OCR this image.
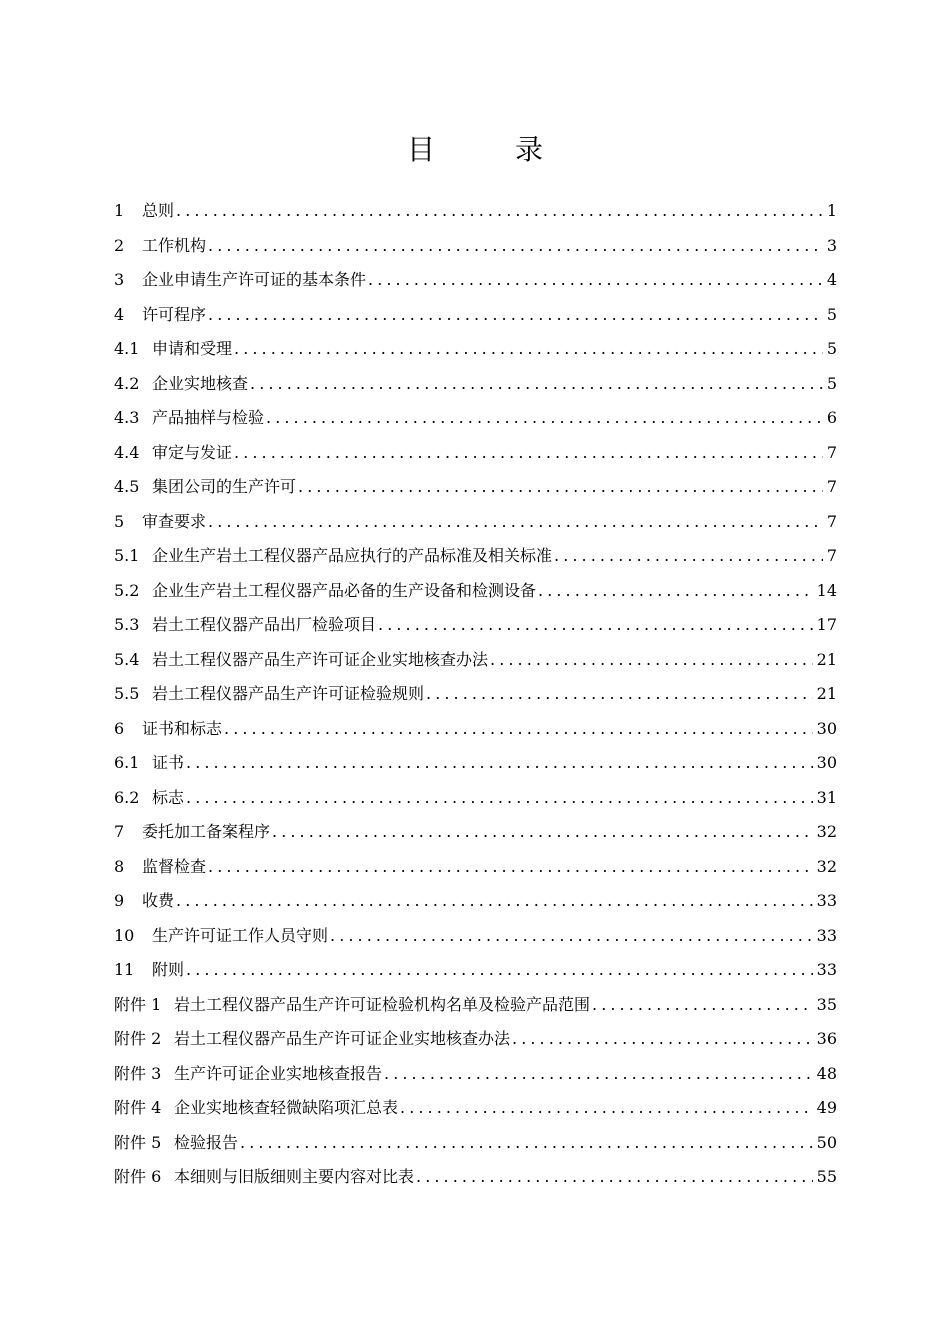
目　录
1	总则 . . .	1
2	工作机构 . . .	3
3	企业申请生产许可证的基本条件 . . .	4
4	许可程序 . . .	5
4.1 申请和受理 . . .	5
4.2 企业实地核查 . . .	5
4.3 产品抽样与检验 . . .	6
4.4 审定与发证 . . .	7
4.5 集团公司的生产许可 . . .	7
5	审查要求 . . .	7
5.1 企业生产岩土工程仪器产品应执行的产品标准及相关标准 . . .	7
5.2 企业生产岩土工程仪器产品必备的生产设备和检测设备 . . .	14
5.3 岩土工程仪器产品出厂检验项目 . . .	17
5.4 岩土工程仪器产品生产许可证企业实地核查办法 . . .	21
5.5 岩土工程仪器产品生产许可证检验规则 . . .	21
6	证书和标志 . . .	30
6.1 证书 . . .	30
6.2 标志 . . .	31
7	委托加工备案程序 . . .	32
8	监督检查 . . .	32
9	收费 . . .	33
10	生产许可证工作人员守则 . . .	33
11	附则 . . .	33
附件 1 岩土工程仪器产品生产许可证检验机构名单及检验产品范围 . . .	35
附件 2 岩土工程仪器产品生产许可证企业实地核查办法 . . .	36
附件 3 生产许可证企业实地核查报告 . . .	48
附件 4 企业实地核查轻微缺陷项汇总表 . . .	49
附件 5 检验报告 . . .	50
附件 6 本细则与旧版细则主要内容对比表 . . .	55
